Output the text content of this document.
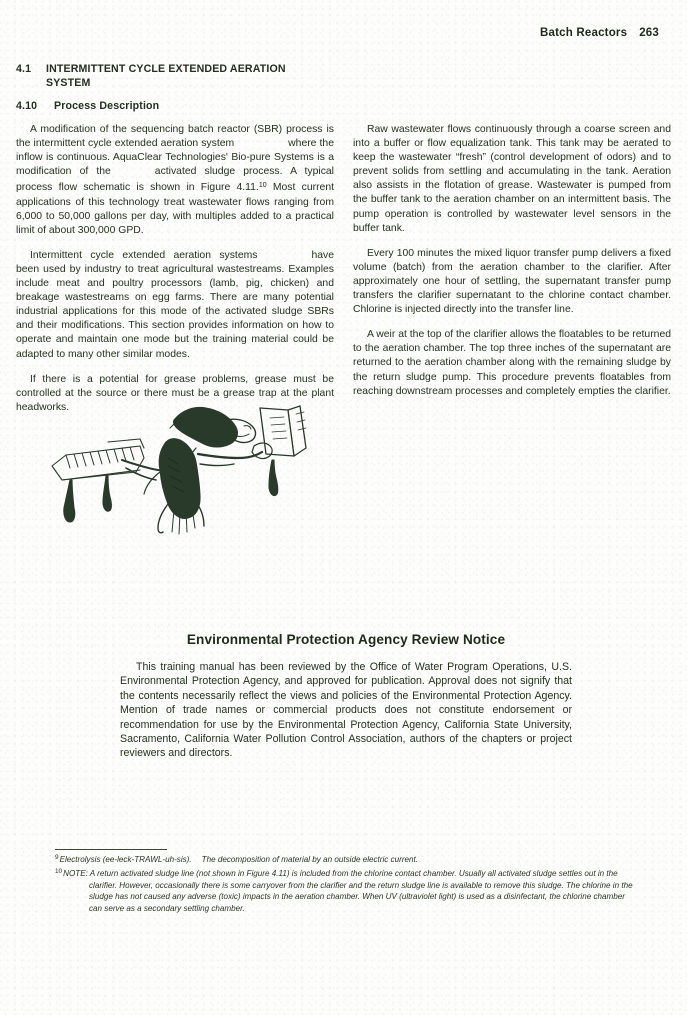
Batch Reactors 263
4.1 INTERMITTENT CYCLE EXTENDED AERATION SYSTEM
4.10 Process Description

A modification of the sequencing batch reactor (SBR) process is the intermittent cycle extended aeration system	where the inflow is continuous. AquaClear Technologies' Bio-pure Systems is a modification of the	activated sludge process. A typical process flow schematic is shown in Figure 4.11.10 Most current applications of this technology treat wastewater flows ranging from 6,000 to 50,000 gallons per day, with multiples added to a practical limit of about 300,000 GPD.

Intermittent cycle extended aeration systems	have been used by industry to treat agricultural wastestreams. Examples include meat and poultry processors (lamb, pig, chicken) and breakage wastestreams on egg farms. There are many potential industrial applications for this mode of the activated sludge SBRs and their modifications. This section provides information on how to operate and maintain one mode but the training material could be adapted to many other similar modes.

If there is a potential for grease problems, grease must be controlled at the source or there must be a grease trap at the plant headworks.

Raw wastewater flows continuously through a coarse screen and into a buffer or flow equalization tank. This tank may be aerated to keep the wastewater “fresh” (control development of odors) and to prevent solids from settling and accumulating in the tank. Aeration also assists in the flotation of grease. Wastewater is pumped from the buffer tank to the aeration chamber on an intermittent basis. The pump operation is controlled by wastewater level sensors in the buffer tank.

Every 100 minutes the mixed liquor transfer pump delivers a fixed volume (batch) from the aeration chamber to the clarifier. After approximately one hour of settling, the supernatant transfer pump transfers the clarifier supernatant to the chlorine contact chamber. Chlorine is injected directly into the transfer line.

A weir at the top of the clarifier allows the floatables to be returned to the aeration chamber. The top three inches of the supernatant are returned to the aeration chamber along with the remaining sludge by the return sludge pump. This procedure prevents floatables from reaching downstream processes and completely empties the clarifier.

Environmental Protection Agency Review Notice

This training manual has been reviewed by the Office of Water Program Operations, U.S. Environmental Protection Agency, and approved for publication. Approval does not signify that the contents necessarily reflect the views and policies of the Environmental Protection Agency. Mention of trade names or commercial products does not constitute endorsement or recommendation for use by the Environmental Protection Agency, California State University, Sacramento, California Water Pollution Control Association, authors of the chapters or project reviewers and directors.

$^9$Electrolysis (ee-leck-TRAWL-uh-sis). The decomposition of material by an outside electric current.
$^{10}$NOTE: A return activated sludge line (not shown in Figure 4.11) is included from the chlorine contact chamber. Usually all activated sludge settles out in the clarifier. However, occasionally there is some carryover from the clarifier and the return sludge line is available to remove this sludge. The chlorine in the sludge has not caused any adverse (toxic) impacts in the aeration chamber. When UV (ultraviolet light) is used as a disinfectant, the chlorine chamber can serve as a secondary settling chamber.
